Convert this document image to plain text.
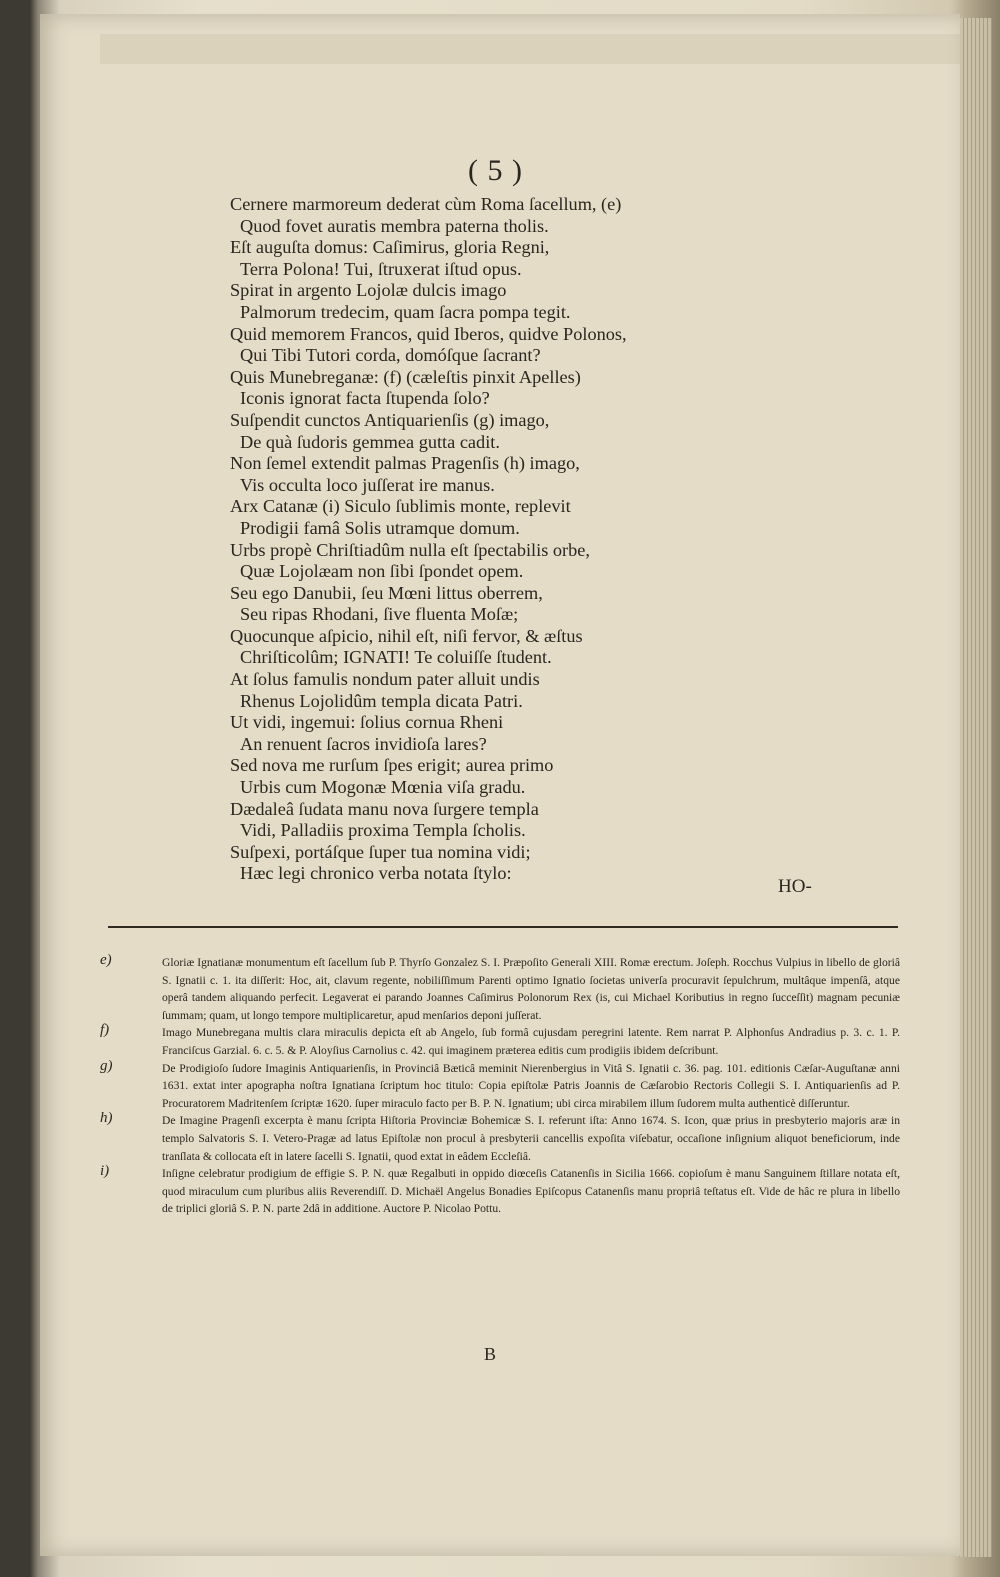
( 5 )
Cernere marmoreum dederat cùm Roma ſacellum, (e)
Quod fovet auratis membra paterna tholis.
Eſt auguſta domus: Caſimirus, gloria Regni,
Terra Polona! Tui, ſtruxerat iſtud opus.
Spirat in argento Lojolæ dulcis imago
Palmorum tredecim, quam ſacra pompa tegit.
Quid memorem Francos, quid Iberos, quidve Polonos,
Qui Tibi Tutori corda, domóſque ſacrant?
Quis Munebreganæ: (f) (cæleſtis pinxit Apelles)
Iconis ignorat facta ſtupenda ſolo?
Suſpendit cunctos Antiquarienſis (g) imago,
De quà ſudoris gemmea gutta cadit.
Non ſemel extendit palmas Pragenſis (h) imago,
Vis occulta loco juſſerat ire manus.
Arx Catanæ (i) Siculo ſublimis monte, replevit
Prodigii famâ Solis utramque domum.
Urbs propè Chriſtiadûm nulla eſt ſpectabilis orbe,
Quæ Lojolæam non ſibi ſpondet opem.
Seu ego Danubii, ſeu Mœni littus oberrem,
Seu ripas Rhodani, ſive fluenta Moſæ;
Quocunque aſpicio, nihil eſt, niſi fervor, & æſtus
Chriſticolûm; IGNATI! Te coluiſſe ſtudent.
At ſolus famulis nondum pater alluit undis
Rhenus Lojolidûm templa dicata Patri.
Ut vidi, ingemui: ſolius cornua Rheni
An renuent ſacros invidioſa lares?
Sed nova me rurſum ſpes erigit; aurea primo
Urbis cum Mogonæ Mœnia viſa gradu.
Dædaleâ ſudata manu nova ſurgere templa
Vidi, Palladiis proxima Templa ſcholis.
Suſpexi, portáſque ſuper tua nomina vidi;
Hæc legi chronico verba notata ſtylo:
HO-
e)	Gloriæ Ignatianæ monumentum eſt ſacellum ſub P. Thyrſo Gonzalez S. I. Præpoſito Generali XIII. Romæ erectum. Joſeph. Rocchus Vulpius in libello de gloriâ S. Ignatii c. 1. ita diſſerit: Hoc, ait, clavum regente, nobiliſſimum Parenti optimo Ignatio ſocietas univerſa procuravit ſepulchrum, multâque impenſâ, atque operâ tandem aliquando perfecit. Legaverat ei parando Joannes Caſimirus Polonorum Rex (is, cui Michael Koributius in regno ſucceſſit) magnam pecuniæ ſummam; quam, ut longo tempore multiplicaretur, apud menſarios deponi juſſerat.
f)	Imago Munebregana multis clara miraculis depicta eſt ab Angelo, ſub formâ cujusdam peregrini latente. Rem narrat P. Alphonſus Andradius p. 3. c. 1. P. Franciſcus Garzial. 6. c. 5. & P. Aloyſius Carnolius c. 42. qui imaginem præterea editis cum prodigiis ibidem deſcribunt.
g)	De Prodigioſo ſudore Imaginis Antiquarienſis, in Provinciâ Bæticâ meminit Nierenbergius in Vitâ S. Ignatii c. 36. pag. 101. editionis Cæſar-Auguſtanæ anni 1631. extat inter apographa noſtra Ignatiana ſcriptum hoc titulo: Copia epiſtolæ Patris Joannis de Cæſarobio Rectoris Collegii S. I. Antiquarienſis ad P. Procuratorem Madritenſem ſcriptæ 1620. ſuper miraculo facto per B. P. N. Ignatium; ubi circa mirabilem illum ſudorem multa authenticè diſſeruntur.
h)	De Imagine Pragenſi excerpta è manu ſcripta Hiſtoria Provinciæ Bohemicæ S. I. referunt iſta: Anno 1674. S. Icon, quæ prius in presbyterio majoris aræ in templo Salvatoris S. I. Vetero-Pragæ ad latus Epiſtolæ non procul à presbyterii cancellis expoſita viſebatur, occaſione inſignium aliquot beneficiorum, inde tranſlata & collocata eſt in latere ſacelli S. Ignatii, quod extat in eâdem Eccleſiâ.
i)	Inſigne celebratur prodigium de effigie S. P. N. quæ Regalbuti in oppido diœceſis Catanenſis in Sicilia 1666. copioſum è manu Sanguinem ſtillare notata eſt, quod miraculum cum pluribus aliis Reverendiſſ. D. Michaël Angelus Bonadies Epiſcopus Catanenſis manu propriâ teſtatus eſt. Vide de hâc re plura in libello de triplici gloriâ S. P. N. parte 2dâ in additione. Auctore P. Nicolao Pottu.
B
